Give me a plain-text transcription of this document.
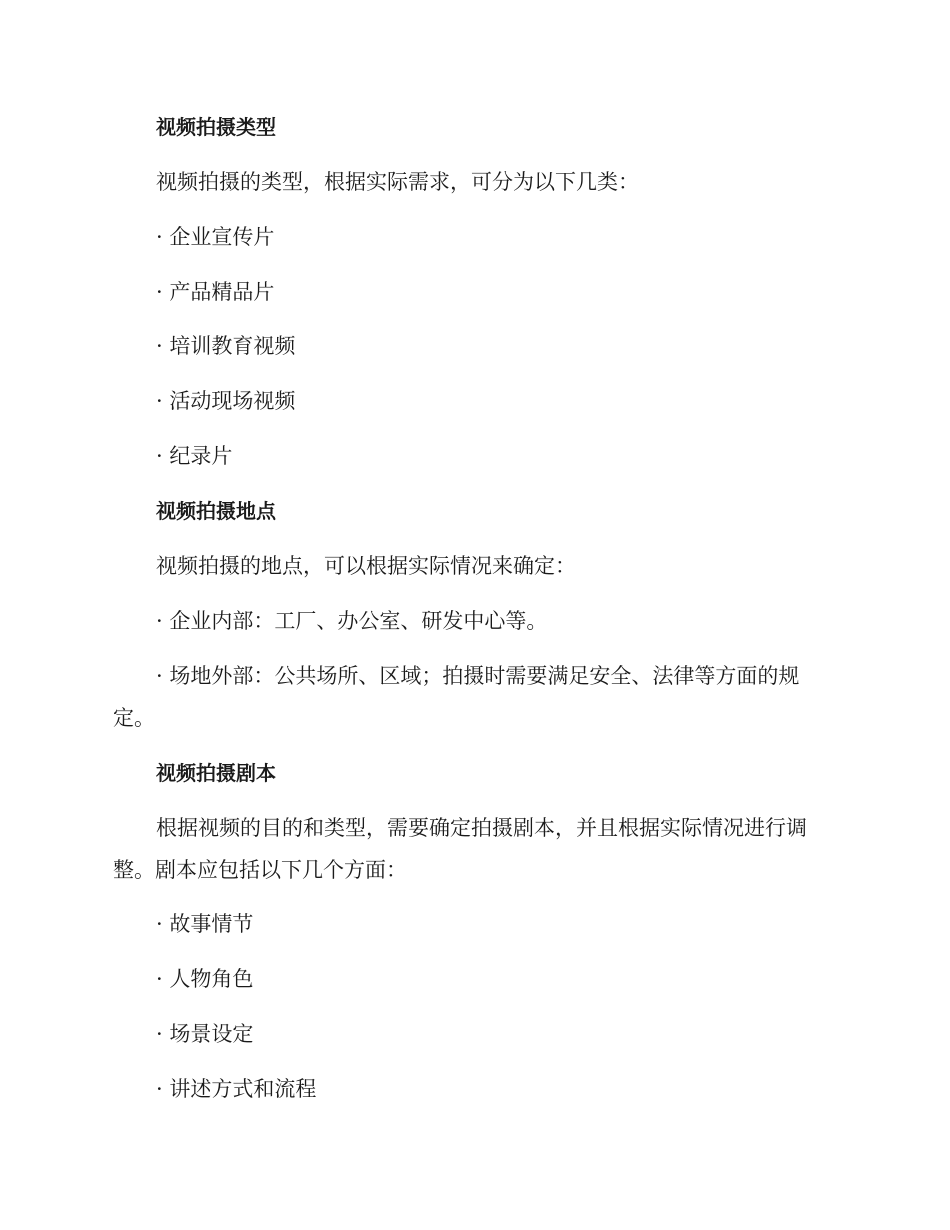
视频拍摄类型
视频拍摄的类型，根据实际需求，可分为以下几类：
· 企业宣传片
· 产品精品片
· 培训教育视频
· 活动现场视频
· 纪录片
视频拍摄地点
视频拍摄的地点，可以根据实际情况来确定：
· 企业内部：工厂、办公室、研发中心等。
· 场地外部：公共场所、区域；拍摄时需要满足安全、法律等方面的规
定。
视频拍摄剧本
根据视频的目的和类型，需要确定拍摄剧本，并且根据实际情况进行调
整。剧本应包括以下几个方面：
· 故事情节
· 人物角色
· 场景设定
· 讲述方式和流程
